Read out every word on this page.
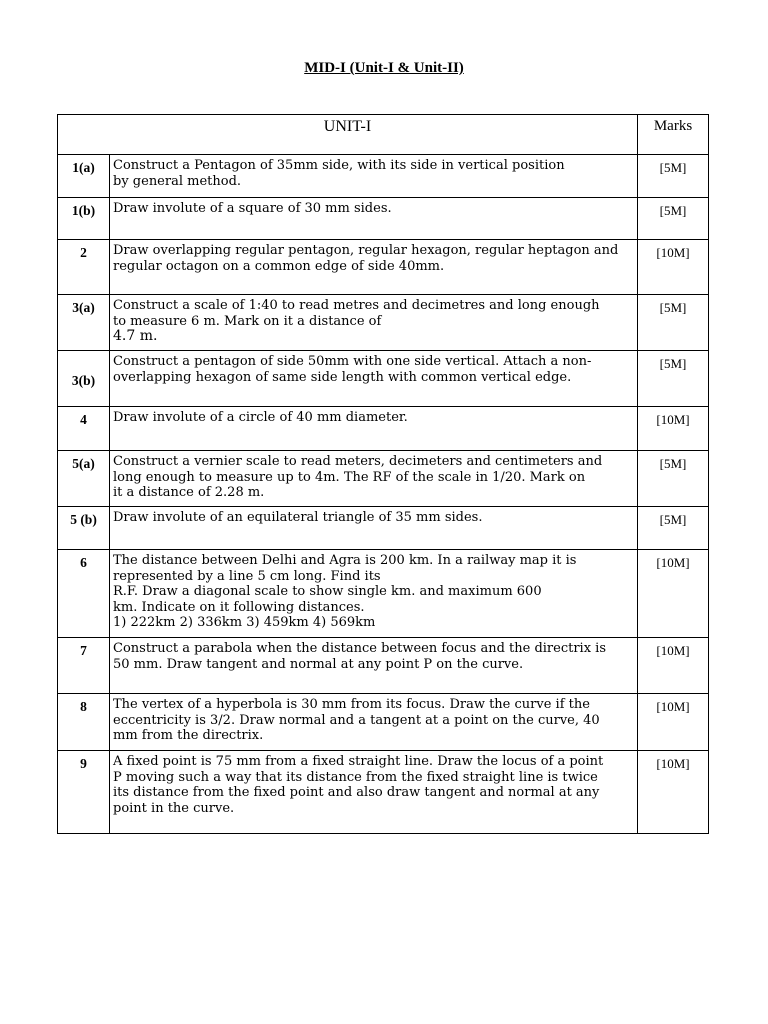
MID-I (Unit-I & Unit-II)
UNIT-I		Marks
1(a)	Construct a Pentagon of 35mm side, with its side in vertical position
by general method.	[5M]
1(b)	Draw involute of a square of 30 mm sides.	[5M]
2	Draw overlapping regular pentagon, regular hexagon, regular heptagon and
regular octagon on a common edge of side 40mm.	[10M]
3(a)	Construct a scale of 1:40 to read metres and decimetres and long enough
to measure 6 m. Mark on it a distance of
4.7 m.	[5M]
3(b)	Construct a pentagon of side 50mm with one side vertical. Attach a non-
overlapping hexagon of same side length with common vertical edge.	[5M]
4	Draw involute of a circle of 40 mm diameter.	[10M]
5(a)	Construct a vernier scale to read meters, decimeters and centimeters and
long enough to measure up to 4m. The RF of the scale in 1/20. Mark on
it a distance of 2.28 m.	[5M]
5 (b)	Draw involute of an equilateral triangle of 35 mm sides.	[5M]
6	The distance between Delhi and Agra is 200 km. In a railway map it is
represented by a line 5 cm long. Find its
R.F. Draw a diagonal scale to show single km. and maximum 600
km. Indicate on it following distances.
1) 222km 2) 336km 3) 459km 4) 569km	[10M]
7	Construct a parabola when the distance between focus and the directrix is
50 mm. Draw tangent and normal at any point P on the curve.	[10M]
8	The vertex of a hyperbola is 30 mm from its focus. Draw the curve if the
eccentricity is 3/2. Draw normal and a tangent at a point on the curve, 40
mm from the directrix.	[10M]
9	A fixed point is 75 mm from a fixed straight line. Draw the locus of a point
P moving such a way that its distance from the fixed straight line is twice
its distance from the fixed point and also draw tangent and normal at any
point in the curve.	[10M]
